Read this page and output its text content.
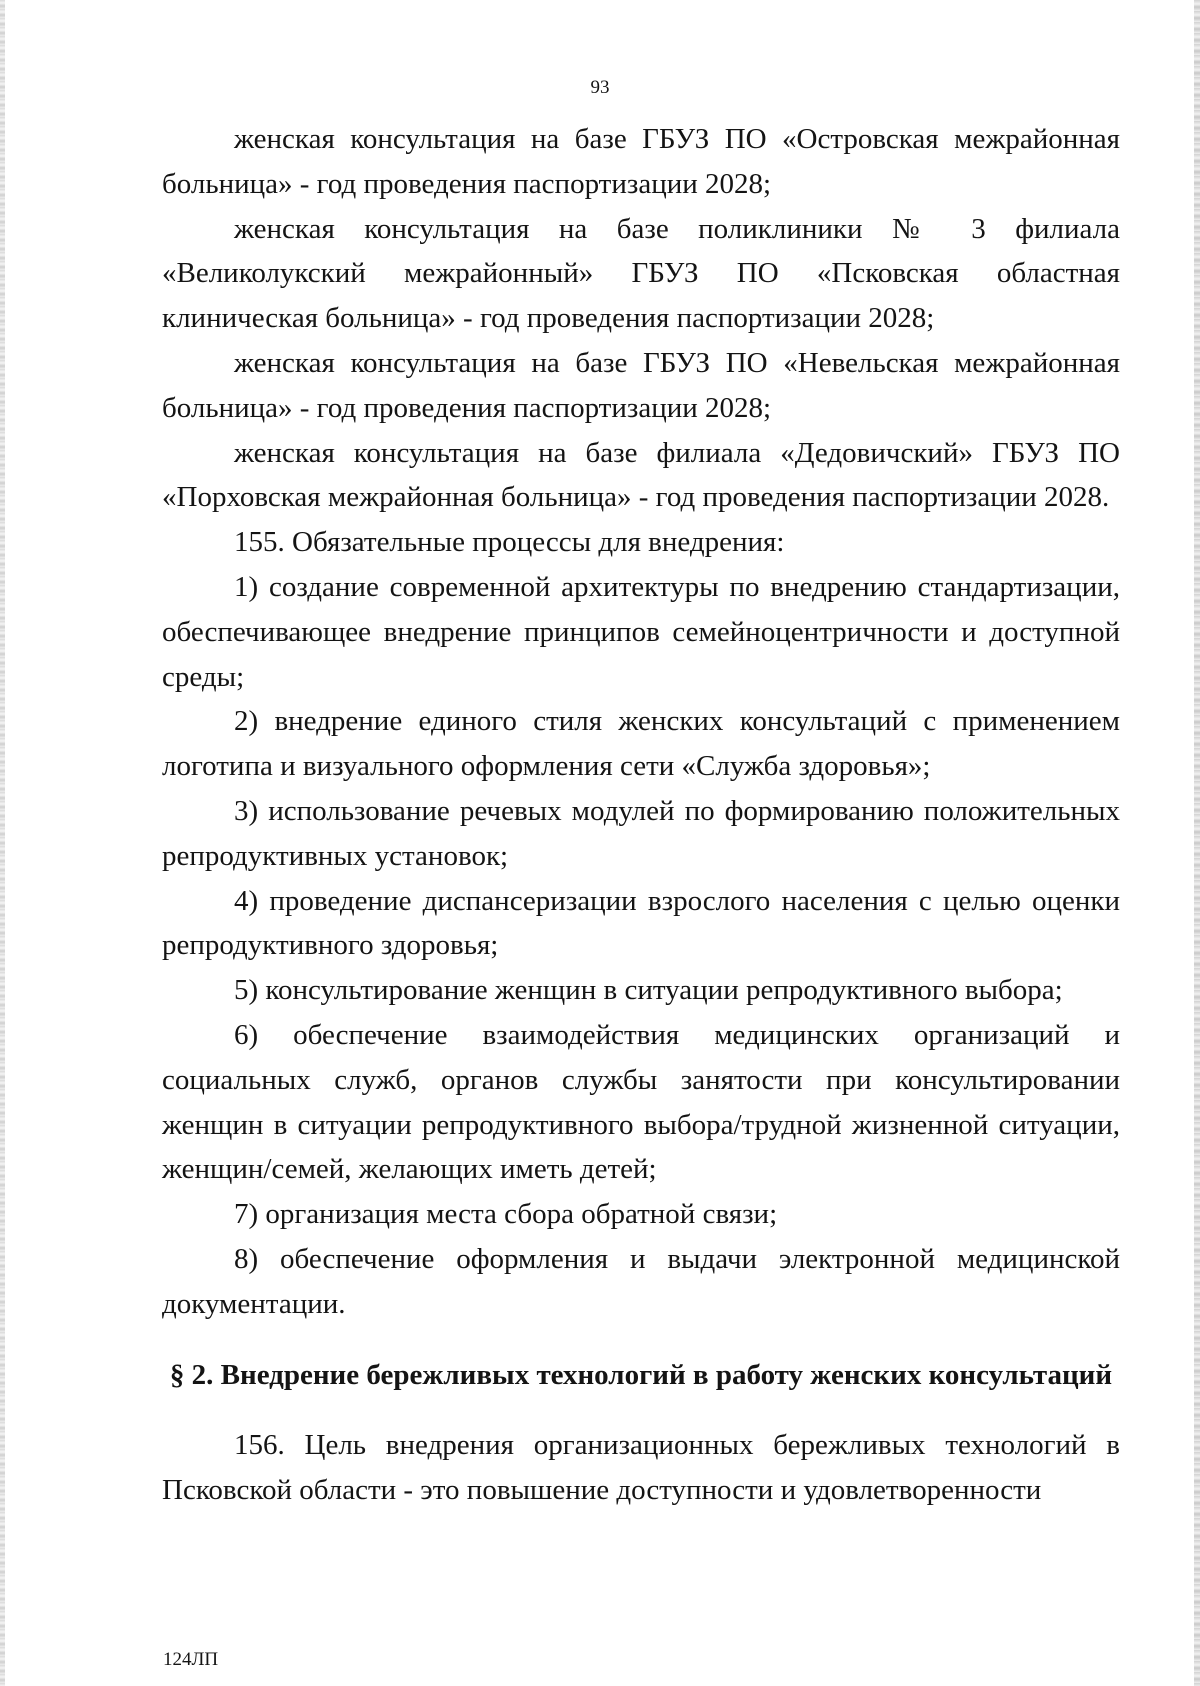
93

женская консультация на базе ГБУЗ ПО «Островская межрайонная больница» - год проведения паспортизации 2028;

женская консультация на базе поликлиники № 3 филиала «Великолукский межрайонный» ГБУЗ ПО «Псковская областная клиническая больница» - год проведения паспортизации 2028;

женская консультация на базе ГБУЗ ПО «Невельская межрайонная больница» - год проведения паспортизации 2028;

женская консультация на базе филиала «Дедовичский» ГБУЗ ПО «Порховская межрайонная больница» - год проведения паспортизации 2028.

155. Обязательные процессы для внедрения:

1) создание современной архитектуры по внедрению стандартизации, обеспечивающее внедрение принципов семейноцентричности и доступной среды;

2) внедрение единого стиля женских консультаций с применением логотипа и визуального оформления сети «Служба здоровья»;

3) использование речевых модулей по формированию положительных репродуктивных установок;

4) проведение диспансеризации взрослого населения с целью оценки репродуктивного здоровья;

5) консультирование женщин в ситуации репродуктивного выбора;

6) обеспечение взаимодействия медицинских организаций и социальных служб, органов службы занятости при консультировании женщин в ситуации репродуктивного выбора/трудной жизненной ситуации, женщин/семей, желающих иметь детей;

7) организация места сбора обратной связи;

8) обеспечение оформления и выдачи электронной медицинской документации.

§ 2. Внедрение бережливых технологий в работу женских консультаций

156. Цель внедрения организационных бережливых технологий в Псковской области - это повышение доступности и удовлетворенности

124ЛП
